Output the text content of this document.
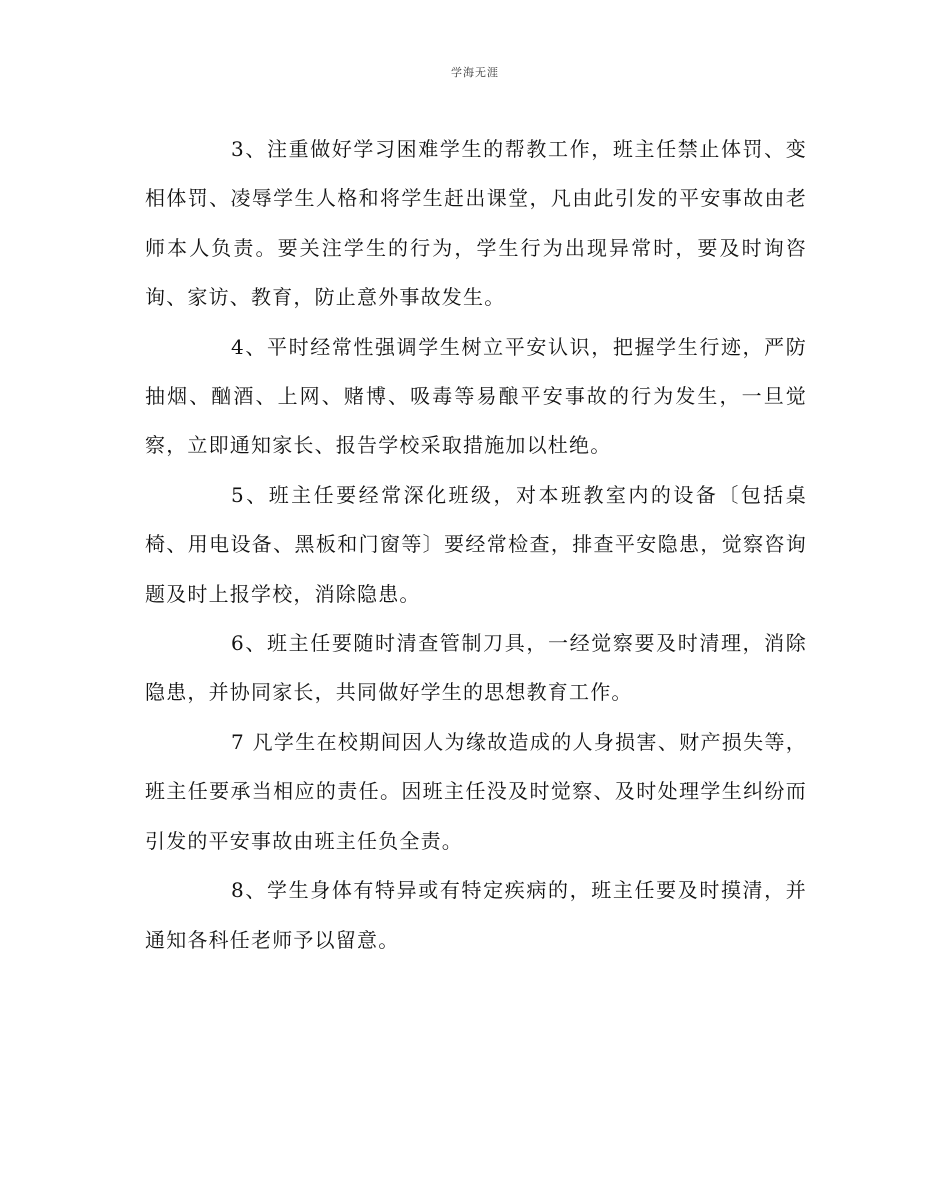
学海无涯

3、注重做好学习困难学生的帮教工作，班主任禁止体罚、变相体罚、凌辱学生人格和将学生赶出课堂，凡由此引发的平安事故由老师本人负责。要关注学生的行为，学生行为出现异常时，要及时询咨询、家访、教育，防止意外事故发生。

4、平时经常性强调学生树立平安认识，把握学生行迹，严防抽烟、酗酒、上网、赌博、吸毒等易酿平安事故的行为发生，一旦觉察，立即通知家长、报告学校采取措施加以杜绝。

5、班主任要经常深化班级，对本班教室内的设备〔包括桌椅、用电设备、黑板和门窗等〕要经常检查，排查平安隐患，觉察咨询题及时上报学校，消除隐患。

6、班主任要随时清查管制刀具，一经觉察要及时清理，消除隐患，并协同家长，共同做好学生的思想教育工作。

7 凡学生在校期间因人为缘故造成的人身损害、财产损失等，班主任要承当相应的责任。因班主任没及时觉察、及时处理学生纠纷而引发的平安事故由班主任负全责。

8、学生身体有特异或有特定疾病的，班主任要及时摸清，并通知各科任老师予以留意。
